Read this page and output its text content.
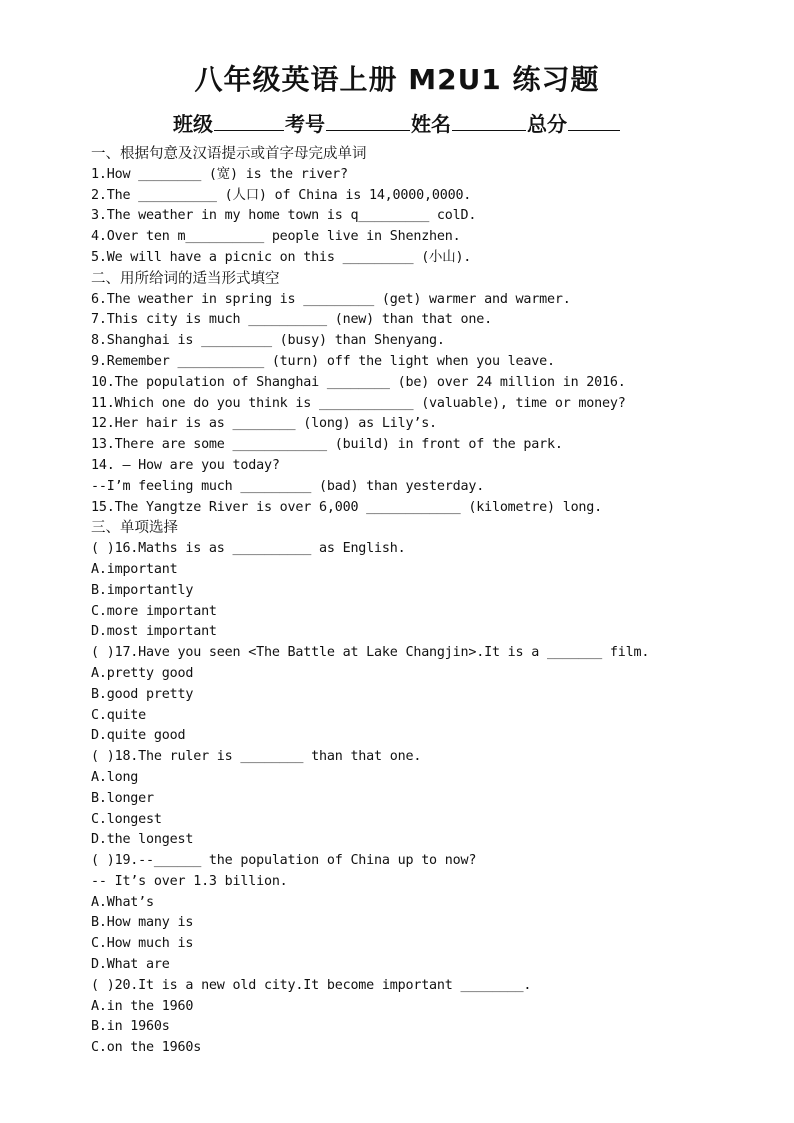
八年级英语上册 M2U1 练习题
班级	考号	姓名	总分
一、根据句意及汉语提示或首字母完成单词
1.How ________ (宽) is the river?
2.The __________ (人口) of China is 14,0000,0000.
3.The weather in my home town is q_________ colD.
4.Over ten m__________ people live in Shenzhen.
5.We will have a picnic on this _________ (小山).
二、用所给词的适当形式填空
6.The weather in spring is _________ (get) warmer and warmer.
7.This city is much __________ (new) than that one.
8.Shanghai is _________ (busy) than Shenyang.
9.Remember ___________ (turn) off the light when you leave.
10.The population of Shanghai ________ (be) over 24 million in 2016.
11.Which one do you think is ____________ (valuable), time or money?
12.Her hair is as ________ (long) as Lily’s.
13.There are some ____________ (build) in front of the park.
14. – How are you today?
--I’m feeling much _________ (bad) than yesterday.
15.The Yangtze River is over 6,000 ____________ (kilometre) long.
三、单项选择
( )16.Maths is as __________ as English.
A.important
B.importantly
C.more important
D.most important
( )17.Have you seen <The Battle at Lake Changjin>.It is a _______ film.
A.pretty good
B.good pretty
C.quite
D.quite good
( )18.The ruler is ________ than that one.
A.long
B.longer
C.longest
D.the longest
( )19.--______ the population of China up to now?
-- It’s over 1.3 billion.
A.What’s
B.How many is
C.How much is
D.What are
( )20.It is a new old city.It become important ________.
A.in the 1960
B.in 1960s
C.on the 1960s
